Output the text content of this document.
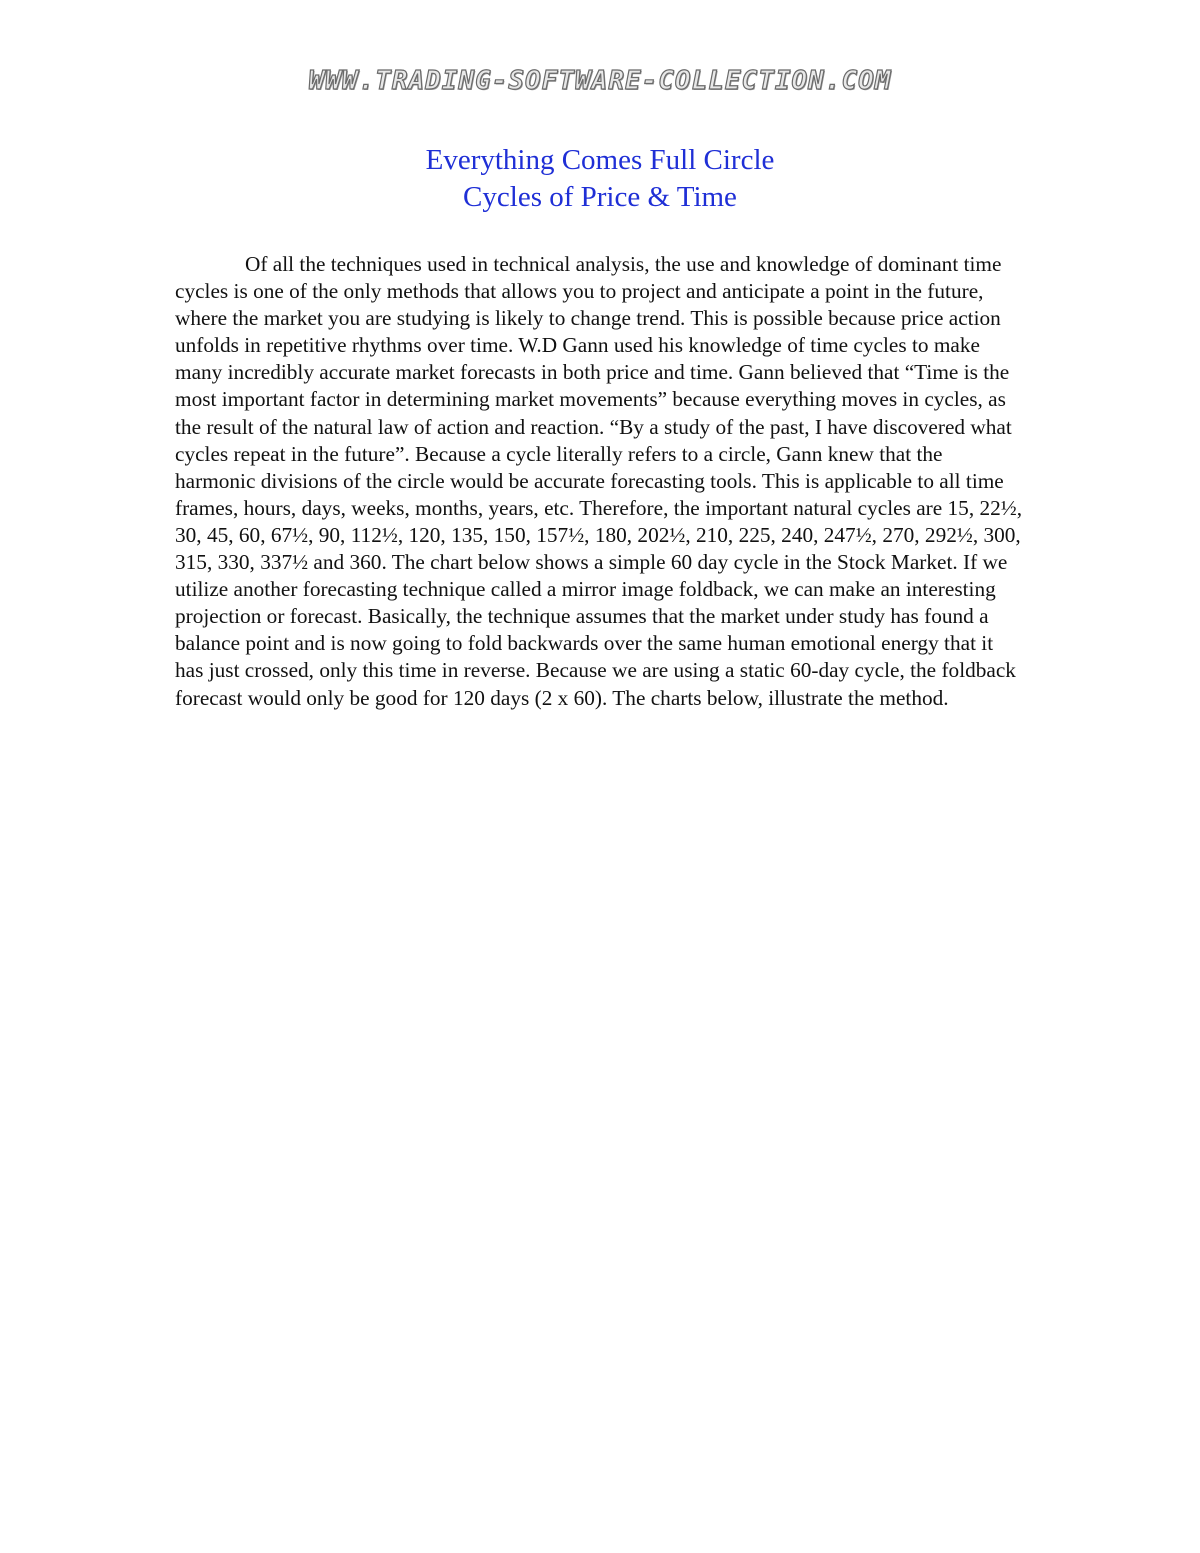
WWW.TRADING-SOFTWARE-COLLECTION.COM
Everything Comes Full Circle
Cycles of Price & Time

Of all the techniques used in technical analysis, the use and knowledge of dominant time cycles is one of the only methods that allows you to project and anticipate a point in the future, where the market you are studying is likely to change trend. This is possible because price action unfolds in repetitive rhythms over time. W.D Gann used his knowledge of time cycles to make many incredibly accurate market forecasts in both price and time. Gann believed that “Time is the most important factor in determining market movements” because everything moves in cycles, as the result of the natural law of action and reaction. “By a study of the past, I have discovered what cycles repeat in the future”. Because a cycle literally refers to a circle, Gann knew that the harmonic divisions of the circle would be accurate forecasting tools. This is applicable to all time frames, hours, days, weeks, months, years, etc. Therefore, the important natural cycles are 15, 22½, 30, 45, 60, 67½, 90, 112½, 120, 135, 150, 157½, 180, 202½, 210, 225, 240, 247½, 270, 292½, 300, 315, 330, 337½ and 360. The chart below shows a simple 60 day cycle in the Stock Market. If we utilize another forecasting technique called a mirror image foldback, we can make an interesting projection or forecast. Basically, the technique assumes that the market under study has found a balance point and is now going to fold backwards over the same human emotional energy that it has just crossed, only this time in reverse. Because we are using a static 60-day cycle, the foldback forecast would only be good for 120 days (2 x 60). The charts below, illustrate the method.
